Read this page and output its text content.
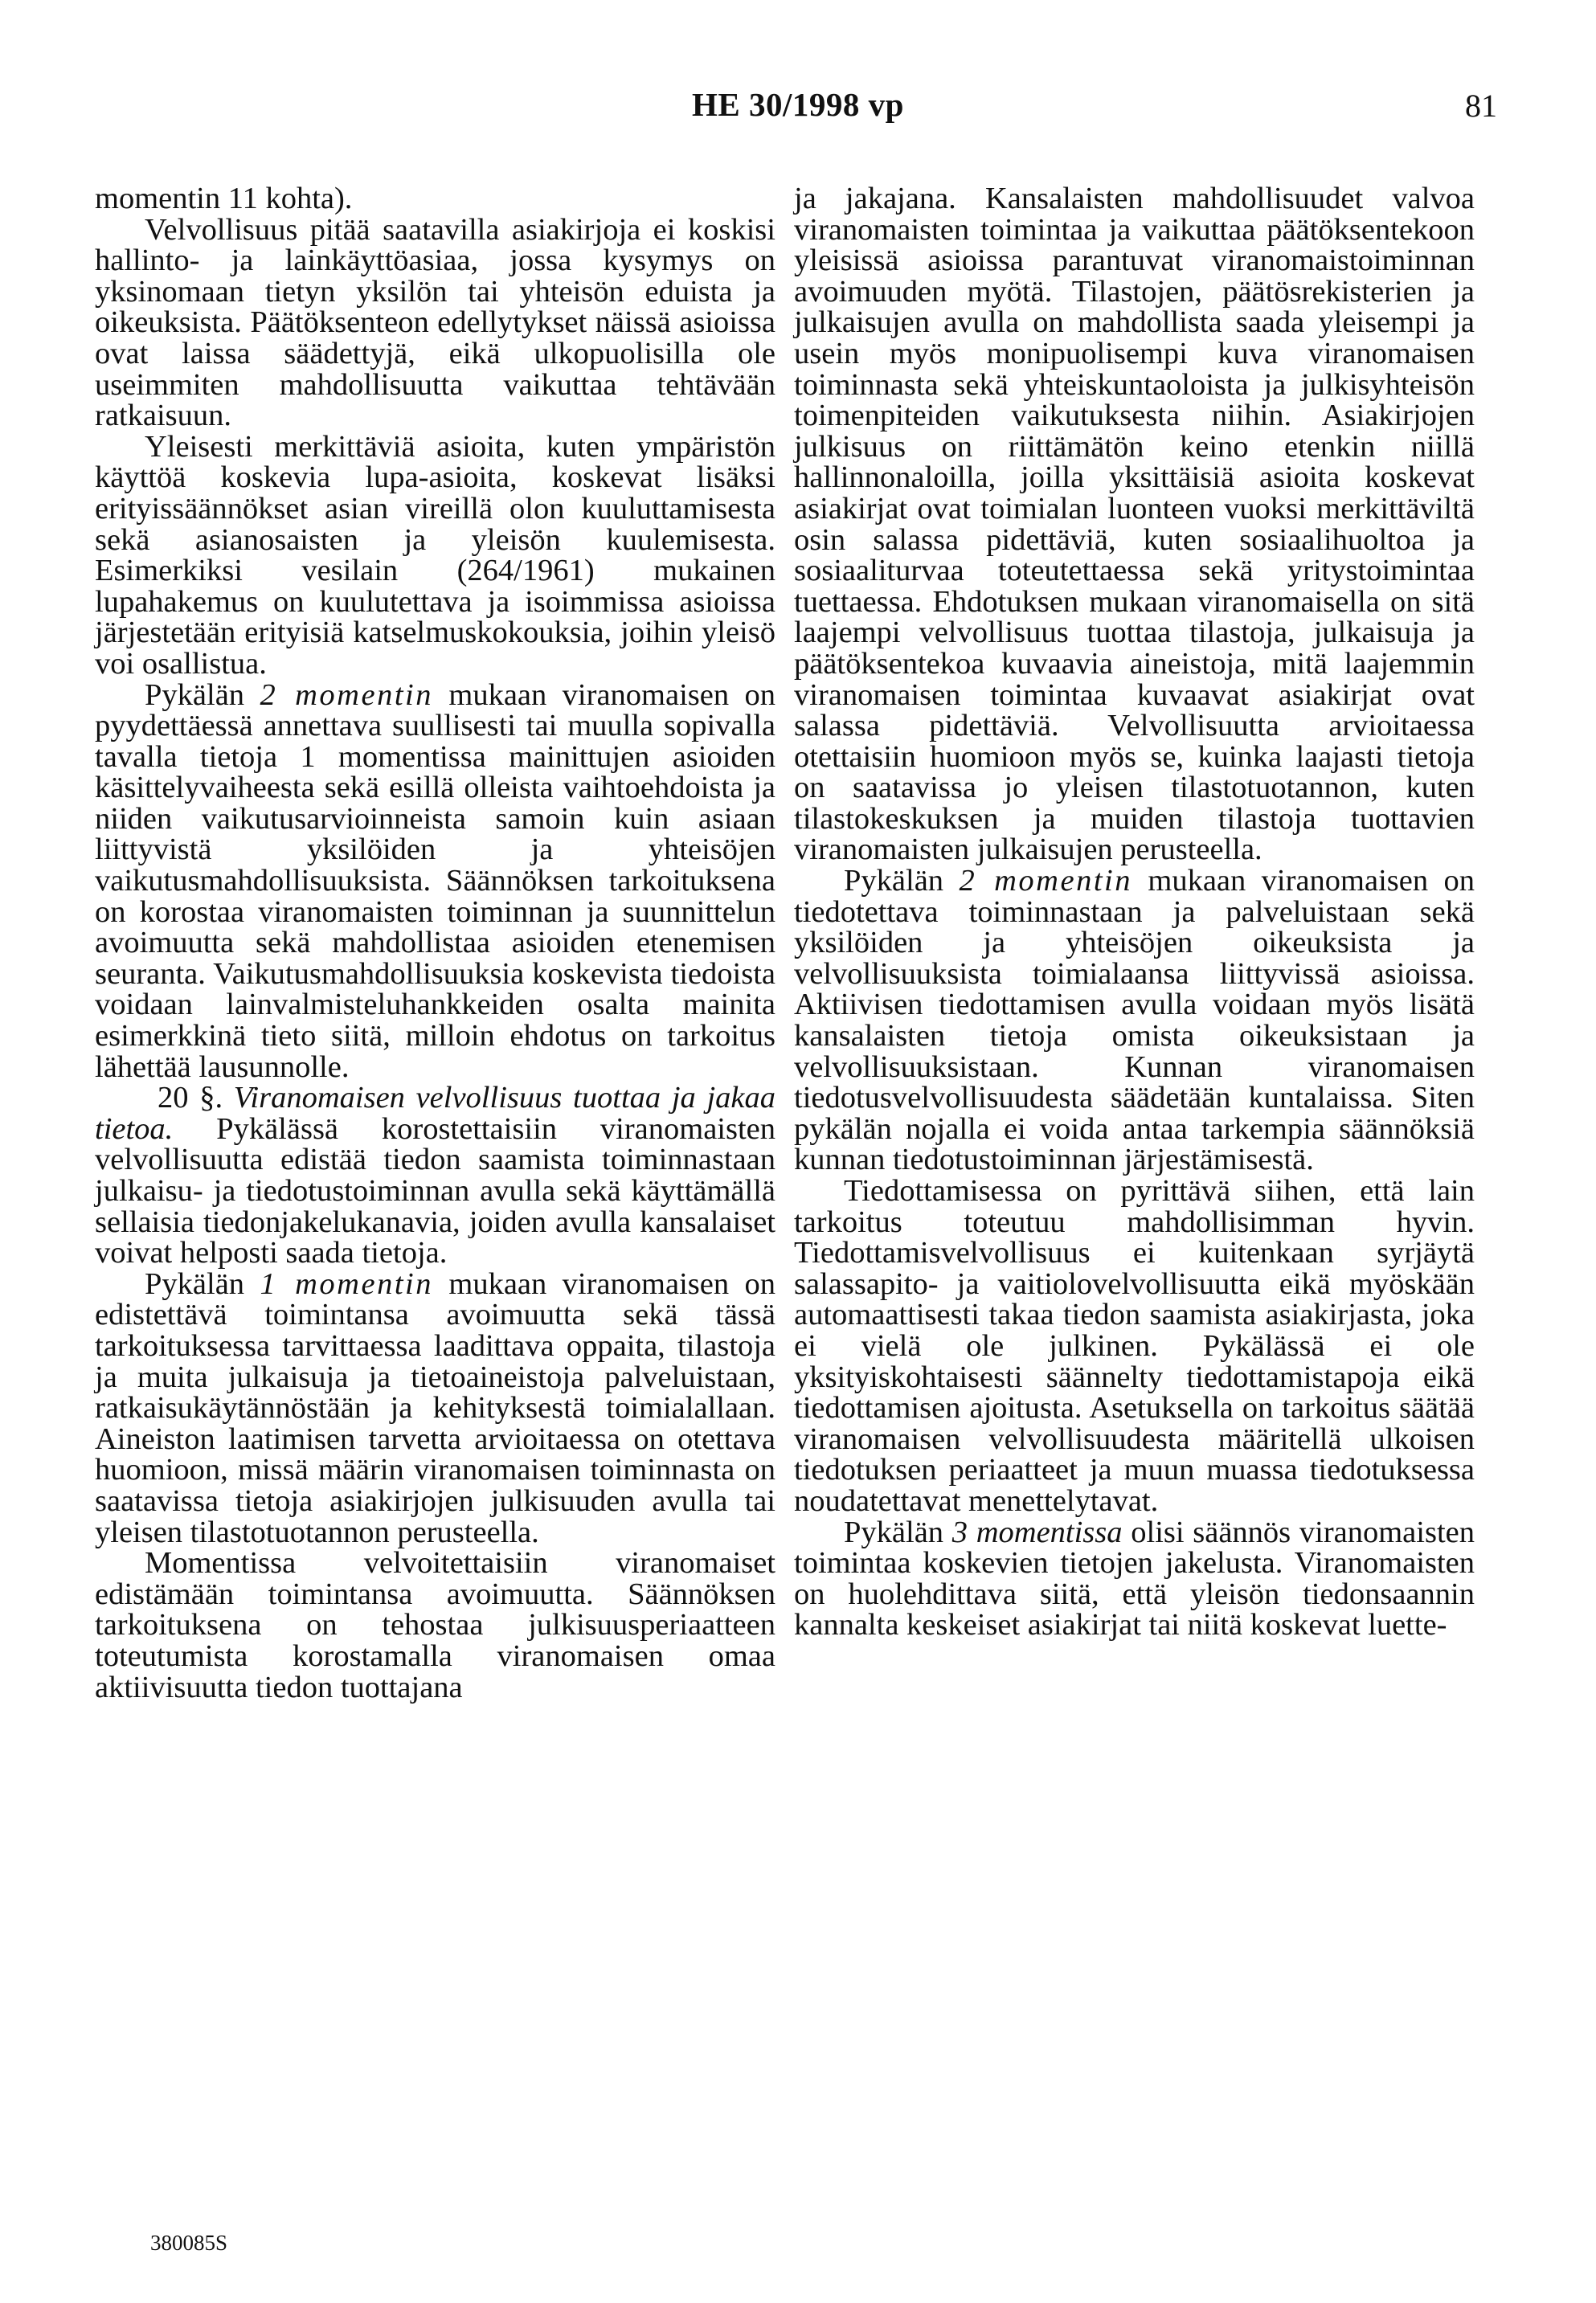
HE 30/1998 vp	81

momentin 11 kohta).

Velvollisuus pitää saatavilla asiakirjoja ei koskisi hallinto- ja lainkäyttöasiaa, jossa kysymys on yksinomaan tietyn yksilön tai yhteisön eduista ja oikeuksista. Päätöksenteon edellytykset näissä asioissa ovat laissa säädettyjä, eikä ulkopuolisilla ole useimmiten mahdollisuutta vaikuttaa tehtävään ratkaisuun.

Yleisesti merkittäviä asioita, kuten ympäristön käyttöä koskevia lupa-asioita, koskevat lisäksi erityissäännökset asian vireillä olon kuuluttamisesta sekä asianosaisten ja yleisön kuulemisesta. Esimerkiksi vesilain (264/1961) mukainen lupahakemus on kuulutettava ja isoimmissa asioissa järjestetään erityisiä katselmuskokouksia, joihin yleisö voi osallistua.

Pykälän 2 momentin mukaan viranomaisen on pyydettäessä annettava suullisesti tai muulla sopivalla tavalla tietoja 1 momentissa mainittujen asioiden käsittelyvaiheesta sekä esillä olleista vaihtoehdoista ja niiden vaikutusarvioinneista samoin kuin asiaan liittyvistä yksilöiden ja yhteisöjen vaikutusmahdollisuuksista. Säännöksen tarkoituksena on korostaa viranomaisten toiminnan ja suunnittelun avoimuutta sekä mahdollistaa asioiden etenemisen seuranta. Vaikutusmahdollisuuksia koskevista tiedoista voidaan lainvalmisteluhankkeiden osalta mainita esimerkkinä tieto siitä, milloin ehdotus on tarkoitus lähettää lausunnolle.

20 §. Viranomaisen velvollisuus tuottaa ja jakaa tietoa. Pykälässä korostettaisiin viranomaisten velvollisuutta edistää tiedon saamista toiminnastaan julkaisu- ja tiedotustoiminnan avulla sekä käyttämällä sellaisia tiedonjakelukanavia, joiden avulla kansalaiset voivat helposti saada tietoja.

Pykälän 1 momentin mukaan viranomaisen on edistettävä toimintansa avoimuutta sekä tässä tarkoituksessa tarvittaessa laadittava oppaita, tilastoja ja muita julkaisuja ja tietoaineistoja palveluistaan, ratkaisukäytännöstään ja kehityksestä toimialallaan. Aineiston laatimisen tarvetta arvioitaessa on otettava huomioon, missä määrin viranomaisen toiminnasta on saatavissa tietoja asiakirjojen julkisuuden avulla tai yleisen tilastotuotannon perusteella.

Momentissa velvoitettaisiin viranomaiset edistämään toimintansa avoimuutta. Säännöksen tarkoituksena on tehostaa julkisuusperiaatteen toteutumista korostamalla viranomaisen omaa aktiivisuutta tiedon tuottajana

ja jakajana. Kansalaisten mahdollisuudet valvoa viranomaisten toimintaa ja vaikuttaa päätöksentekoon yleisissä asioissa parantuvat viranomaistoiminnan avoimuuden myötä. Tilastojen, päätösrekisterien ja julkaisujen avulla on mahdollista saada yleisempi ja usein myös monipuolisempi kuva viranomaisen toiminnasta sekä yhteiskuntaoloista ja julkisyhteisön toimenpiteiden vaikutuksesta niihin. Asiakirjojen julkisuus on riittämätön keino etenkin niillä hallinnonaloilla, joilla yksittäisiä asioita koskevat asiakirjat ovat toimialan luonteen vuoksi merkittäviltä osin salassa pidettäviä, kuten sosiaalihuoltoa ja sosiaaliturvaa toteutettaessa sekä yritystoimintaa tuettaessa. Ehdotuksen mukaan viranomaisella on sitä laajempi velvollisuus tuottaa tilastoja, julkaisuja ja päätöksentekoa kuvaavia aineistoja, mitä laajemmin viranomaisen toimintaa kuvaavat asiakirjat ovat salassa pidettäviä. Velvollisuutta arvioitaessa otettaisiin huomioon myös se, kuinka laajasti tietoja on saatavissa jo yleisen tilastotuotannon, kuten tilastokeskuksen ja muiden tilastoja tuottavien viranomaisten julkaisujen perusteella.

Pykälän 2 momentin mukaan viranomaisen on tiedotettava toiminnastaan ja palveluistaan sekä yksilöiden ja yhteisöjen oikeuksista ja velvollisuuksista toimialaansa liittyvissä asioissa. Aktiivisen tiedottamisen avulla voidaan myös lisätä kansalaisten tietoja omista oikeuksistaan ja velvollisuuksistaan. Kunnan viranomaisen tiedotusvelvollisuudesta säädetään kuntalaissa. Siten pykälän nojalla ei voida antaa tarkempia säännöksiä kunnan tiedotustoiminnan järjestämisestä.

Tiedottamisessa on pyrittävä siihen, että lain tarkoitus toteutuu mahdollisimman hyvin. Tiedottamisvelvollisuus ei kuitenkaan syrjäytä salassapito- ja vaitiolovelvollisuutta eikä myöskään automaattisesti takaa tiedon saamista asiakirjasta, joka ei vielä ole julkinen. Pykälässä ei ole yksityiskohtaisesti säännelty tiedottamistapoja eikä tiedottamisen ajoitusta. Asetuksella on tarkoitus säätää viranomaisen velvollisuudesta määritellä ulkoisen tiedotuksen periaatteet ja muun muassa tiedotuksessa noudatettavat menettelytavat.

Pykälän 3 momentissa olisi säännös viranomaisten toimintaa koskevien tietojen jakelusta. Viranomaisten on huolehdittava siitä, että yleisön tiedonsaannin kannalta keskeiset asiakirjat tai niitä koskevat luette-

380085S
